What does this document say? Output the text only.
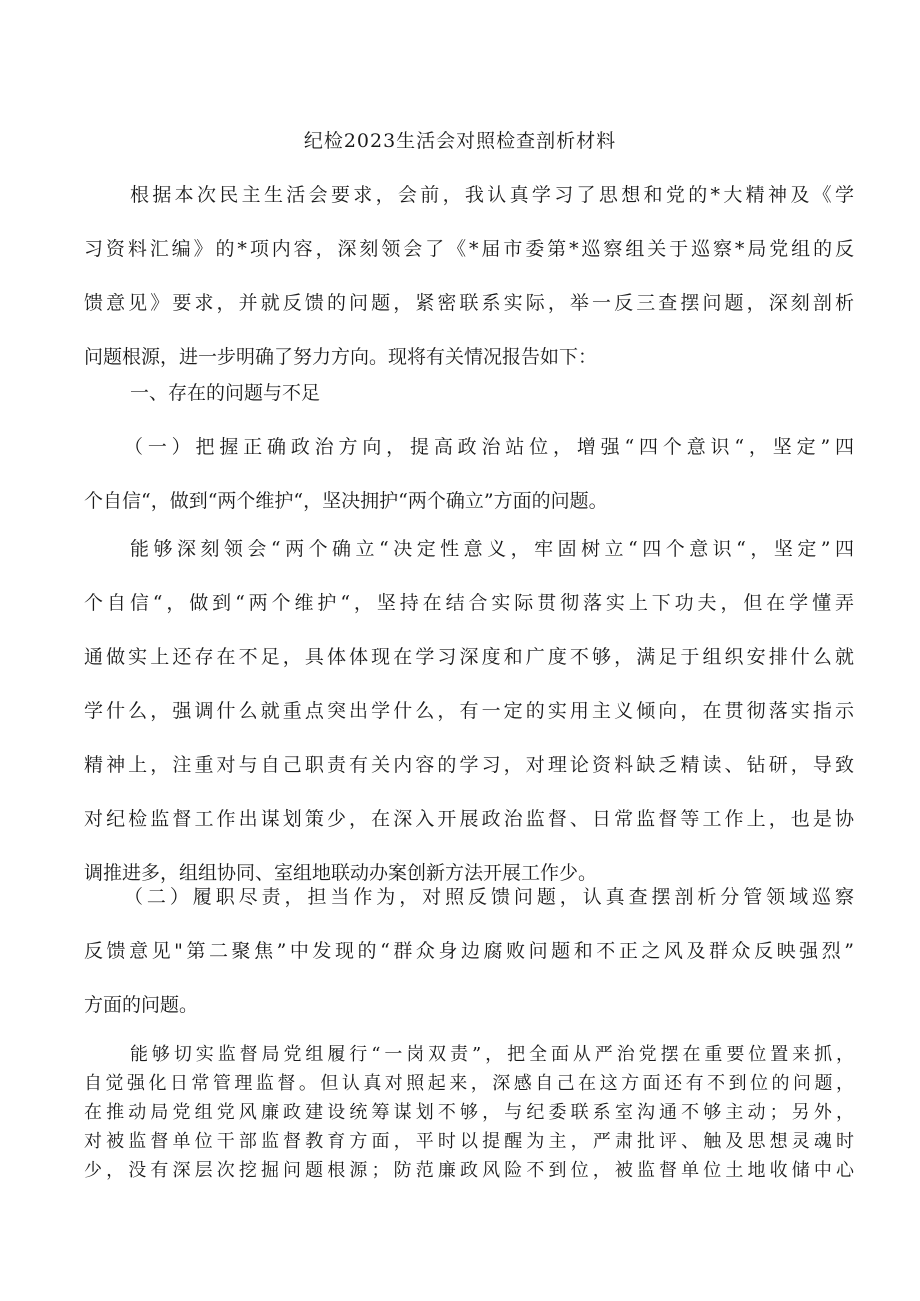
纪检2023生活会对照检查剖析材料
根据本次民主生活会要求，会前，我认真学习了思想和党的*大精神及《学
习资料汇编》的*项内容，深刻领会了《*届市委第*巡察组关于巡察*局党组的反
馈意见》要求，并就反馈的问题，紧密联系实际，举一反三查摆问题，深刻剖析
问题根源，进一步明确了努力方向。现将有关情况报告如下：
一、存在的问题与不足
（一）把握正确政治方向，提高政治站位，增强“四个意识“，坚定”四
个自信“，做到“两个维护“，坚决拥护“两个确立”方面的问题。
能够深刻领会“两个确立“决定性意义，牢固树立“四个意识“，坚定”四
个自信“，做到“两个维护“，坚持在结合实际贯彻落实上下功夫，但在学懂弄
通做实上还存在不足，具体体现在学习深度和广度不够，满足于组织安排什么就
学什么，强调什么就重点突出学什么，有一定的实用主义倾向，在贯彻落实指示
精神上，注重对与自己职责有关内容的学习，对理论资料缺乏精读、钻研，导致
对纪检监督工作出谋划策少，在深入开展政治监督、日常监督等工作上，也是协
调推进多，组组协同、室组地联动办案创新方法开展工作少。
（二）履职尽责，担当作为，对照反馈问题，认真查摆剖析分管领域巡察
反馈意见"第二聚焦”中发现的“群众身边腐败问题和不正之风及群众反映强烈”
方面的问题。
能够切实监督局党组履行“一岗双责”，把全面从严治党摆在重要位置来抓，
自觉强化日常管理监督。但认真对照起来，深感自己在这方面还有不到位的问题，
在推动局党组党风廉政建设统筹谋划不够，与纪委联系室沟通不够主动；另外，
对被监督单位干部监督教育方面，平时以提醒为主，严肃批评、触及思想灵魂时
少，没有深层次挖掘问题根源；防范廉政风险不到位，被监督单位土地收储中心
